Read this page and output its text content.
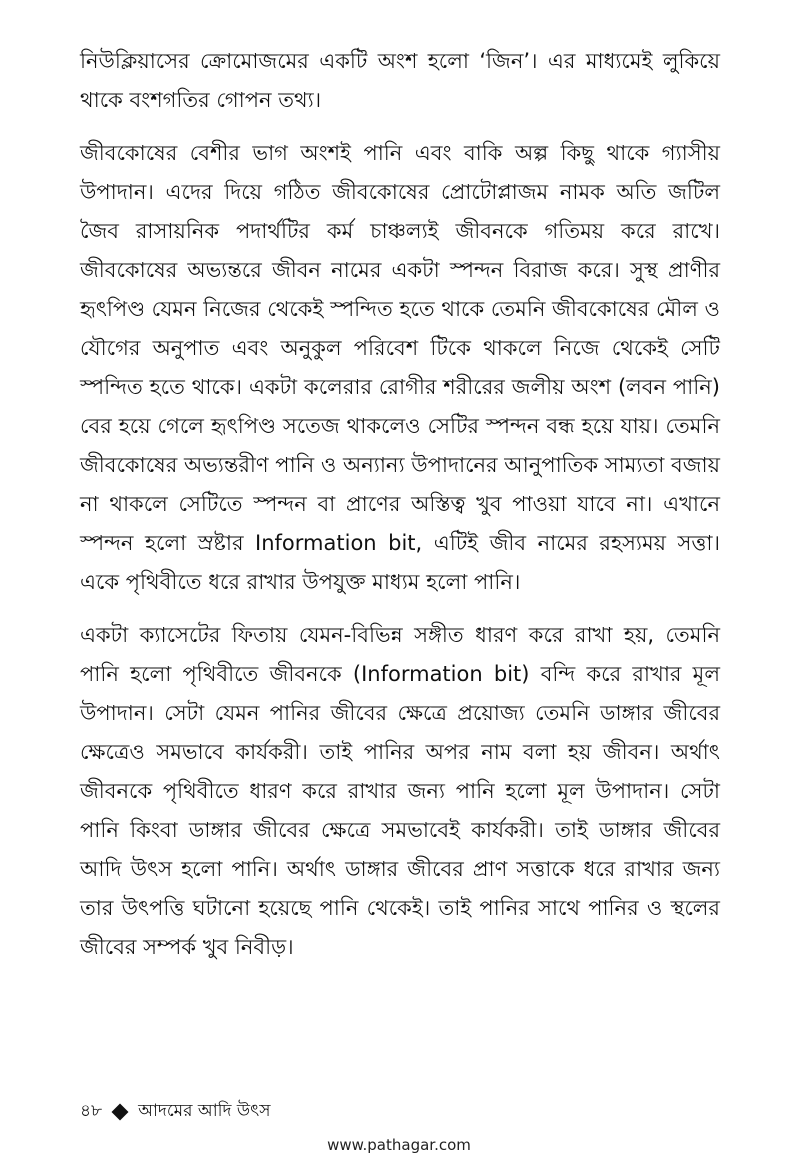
নিউক্লিয়াসের ক্রোমোজমের একটি অংশ হলো ‘জিন’। এর মাধ্যমেই লুকিয়ে থাকে বংশগতির গোপন তথ্য।

জীবকোষের বেশীর ভাগ অংশই পানি এবং বাকি অল্প কিছু থাকে গ্যাসীয় উপাদান। এদের দিয়ে গঠিত জীবকোষের প্রোটোপ্লাজম নামক অতি জটিল জৈব রাসায়নিক পদার্থটির কর্ম চাঞ্চল্যই জীবনকে গতিময় করে রাখে। জীবকোষের অভ্যন্তরে জীবন নামের একটা স্পন্দন বিরাজ করে। সুস্থ প্রাণীর হৃৎপিণ্ড যেমন নিজের থেকেই স্পন্দিত হতে থাকে তেমনি জীবকোষের মৌল ও যৌগের অনুপাত এবং অনুকুল পরিবেশ টিকে থাকলে নিজে থেকেই সেটি স্পন্দিত হতে থাকে। একটা কলেরার রোগীর শরীরের জলীয় অংশ (লবন পানি) বের হয়ে গেলে হৃৎপিণ্ড সতেজ থাকলেও সেটির স্পন্দন বন্ধ হয়ে যায়। তেমনি জীবকোষের অভ্যন্তরীণ পানি ও অন্যান্য উপাদানের আনুপাতিক সাম্যতা বজায় না থাকলে সেটিতে স্পন্দন বা প্রাণের অস্তিত্ব খুব পাওয়া যাবে না। এখানে স্পন্দন হলো স্রষ্টার Information bit, এটিই জীব নামের রহস্যময় সত্তা। একে পৃথিবীতে ধরে রাখার উপযুক্ত মাধ্যম হলো পানি।

একটা ক্যাসেটের ফিতায় যেমন-বিভিন্ন সঙ্গীত ধারণ করে রাখা হয়, তেমনি পানি হলো পৃথিবীতে জীবনকে (Information bit) বন্দি করে রাখার মূল উপাদান। সেটা যেমন পানির জীবের ক্ষেত্রে প্রয়োজ্য তেমনি ডাঙ্গার জীবের ক্ষেত্রেও সমভাবে কার্যকরী। তাই পানির অপর নাম বলা হয় জীবন। অর্থাৎ জীবনকে পৃথিবীতে ধারণ করে রাখার জন্য পানি হলো মূল উপাদান। সেটা পানি কিংবা ডাঙ্গার জীবের ক্ষেত্রে সমভাবেই কার্যকরী। তাই ডাঙ্গার জীবের আদি উৎস হলো পানি। অর্থাৎ ডাঙ্গার জীবের প্রাণ সত্তাকে ধরে রাখার জন্য তার উৎপত্তি ঘটানো হয়েছে পানি থেকেই। তাই পানির সাথে পানির ও স্থলের জীবের সম্পর্ক খুব নিবীড়।

৪৮ আদমের আদি উৎস
www.pathagar.com
